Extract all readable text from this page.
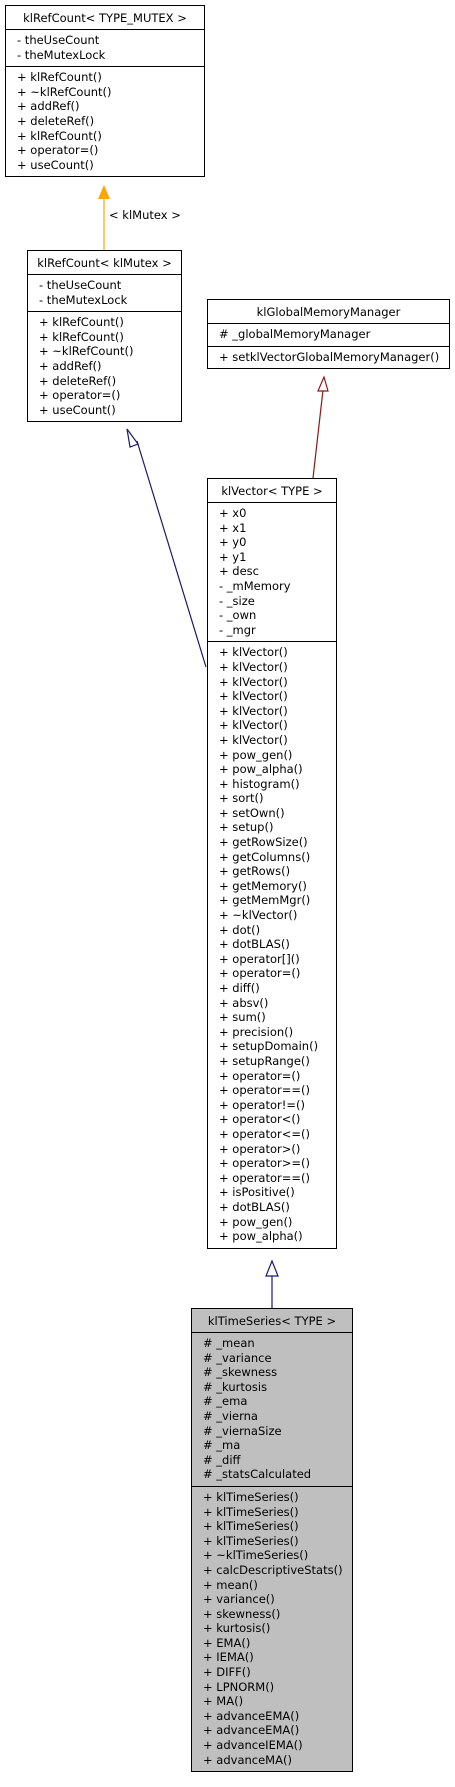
< klMutex >
klRefCount< TYPE_MUTEX >
- theUseCount
- theMutexLock
+ klRefCount()
+ ~klRefCount()
+ addRef()
+ deleteRef()
+ klRefCount()
+ operator=()
+ useCount()
klRefCount< klMutex >
- theUseCount
- theMutexLock
+ klRefCount()
+ klRefCount()
+ ~klRefCount()
+ addRef()
+ deleteRef()
+ operator=()
+ useCount()
klGlobalMemoryManager
# _globalMemoryManager
+ setklVectorGlobalMemoryManager()
klVector< TYPE >
+ x0
+ x1
+ y0
+ y1
+ desc
- _mMemory
- _size
- _own
- _mgr
+ klVector()
+ klVector()
+ klVector()
+ klVector()
+ klVector()
+ klVector()
+ klVector()
+ pow_gen()
+ pow_alpha()
+ histogram()
+ sort()
+ setOwn()
+ setup()
+ getRowSize()
+ getColumns()
+ getRows()
+ getMemory()
+ getMemMgr()
+ ~klVector()
+ dot()
+ dotBLAS()
+ operator[]()
+ operator=()
+ diff()
+ absv()
+ sum()
+ precision()
+ setupDomain()
+ setupRange()
+ operator=()
+ operator==()
+ operator!=()
+ operator<()
+ operator<=()
+ operator>()
+ operator>=()
+ operator==()
+ isPositive()
+ dotBLAS()
+ pow_gen()
+ pow_alpha()
klTimeSeries< TYPE >
# _mean
# _variance
# _skewness
# _kurtosis
# _ema
# _vierna
# _viernaSize
# _ma
# _diff
# _statsCalculated
+ klTimeSeries()
+ klTimeSeries()
+ klTimeSeries()
+ klTimeSeries()
+ ~klTimeSeries()
+ calcDescriptiveStats()
+ mean()
+ variance()
+ skewness()
+ kurtosis()
+ EMA()
+ IEMA()
+ DIFF()
+ LPNORM()
+ MA()
+ advanceEMA()
+ advanceEMA()
+ advanceIEMA()
+ advanceMA()
